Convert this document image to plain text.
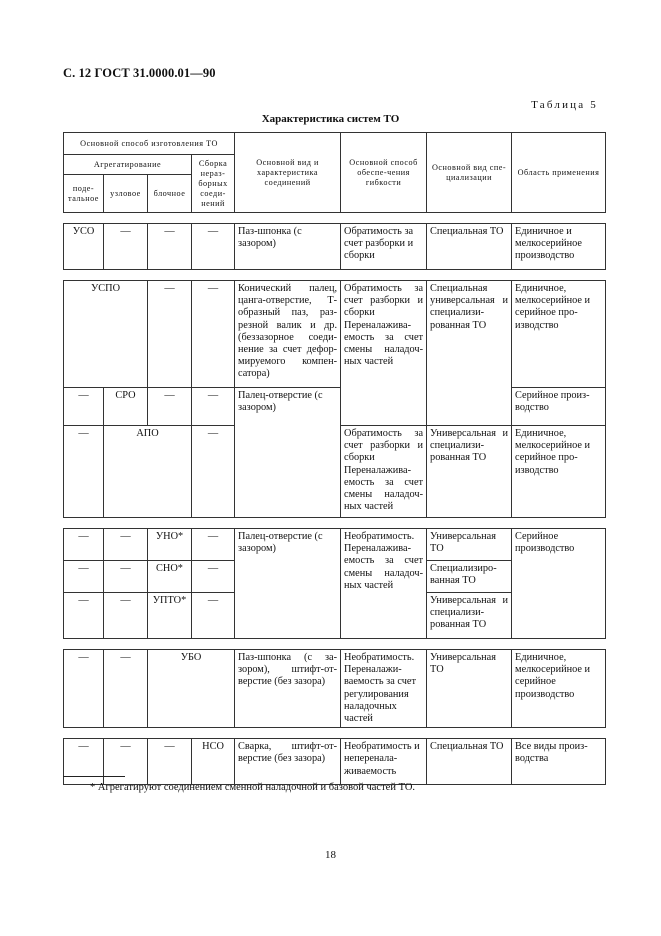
С. 12 ГОСТ 31.0000.01—90
Таблица 5
Характеристика систем ТО
Основной способ изготовления ТО				Основной вид и характеристика соединений	Основной способ обеспе-чения гибкости	Основной вид спе-циализации	Область применения
Агрегатирование			Сборка нераз-борных соеди-нений				
поде-тальное	узловое	блочное					

УСО	—	—	—	Паз-шпонка (с зазором)	Обратимость за счет разборки и сборки	Специальная ТО	Единичное и мелкосерийное производство

УСПО		—	—	Конический палец, цанга-отверстие, Т-образный паз, раз-резной валик и др. (беззазорное соеди-нение за счет дефор-мируемого компен-сатора)	Обратимость за счет разборки и сборки Переналажива-емость за счет смены наладоч-ных частей	Специальная универсальная и специализи-рованная ТО	Единичное, мелкосерийное и серийное про-изводство
—	СРО	—	—	Палец-отверстие (с зазором)			Серийное произ-водство
—	АПО		—		Обратимость за счет разборки и сборки Переналажива-емость за счет смены наладоч-ных частей	Универсальная и специализи-рованная ТО	Единичное, мелкосерийное и серийное про-изводство

—	—	УНО*	—	Палец-отверстие (с зазором)	Необратимость. Переналажива-емость за счет смены наладоч-ных частей	Универсальная ТО	Серийное производство
—	—	СНО*	—			Специализиро-ванная ТО	
—	—	УПТО*	—			Универсальная и специализи-рованная ТО	

—	—	УБО		Паз-шпонка (с за-зором), штифт-от-верстие (без зазора)	Необратимость. Переналажи-ваемость за счет регулирования наладочных частей	Универсальная ТО	Единичное, мелкосерийное и серийное производство

—	—	—	НСО	Сварка, штифт-от-верстие (без зазора)	Необратимость и неперенала-живаемость	Специальная ТО	Все виды произ-водства
* Агрегатируют соединением сменной наладочной и базовой частей ТО.
18
